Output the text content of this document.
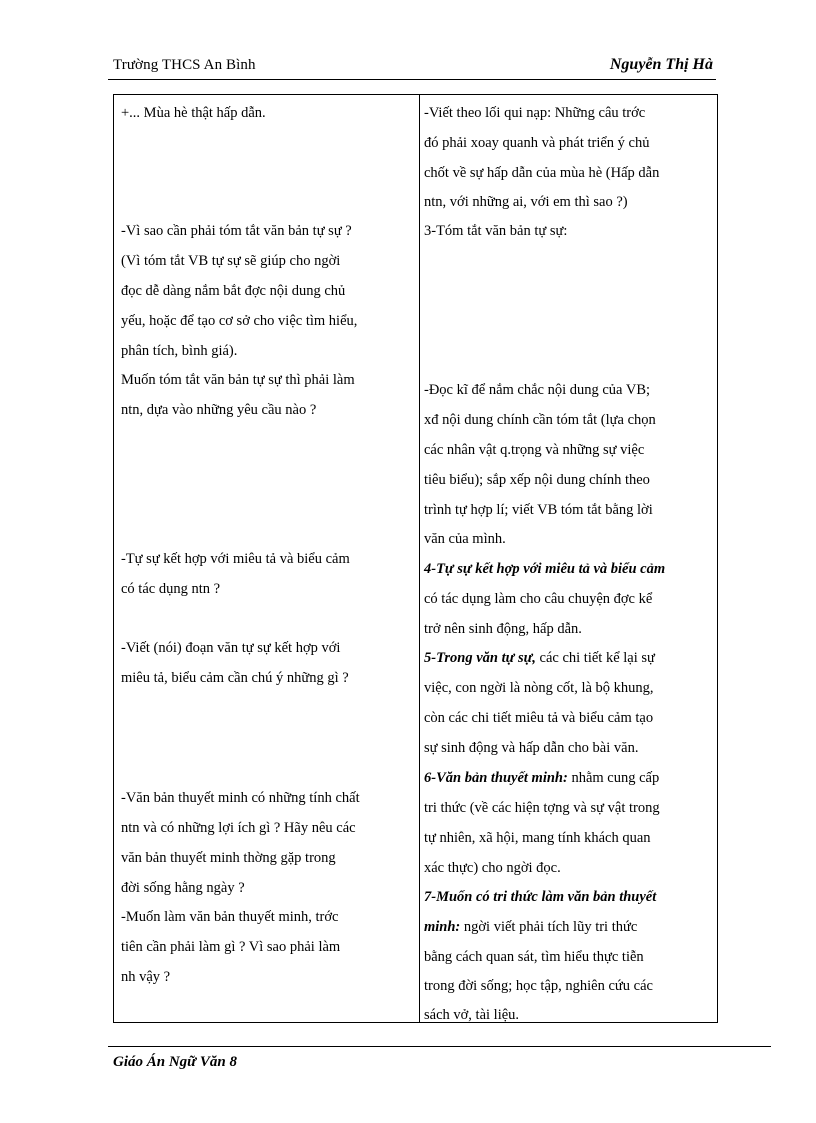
Trường THCS An Bình	Nguyễn Thị Hà
+... Mùa hè thật hấp dẫn.
-Vì sao cần phải tóm tắt văn bản tự sự ?
(Vì tóm tắt VB tự sự sẽ giúp cho ngời
đọc dễ dàng nắm bắt đợc nội dung chủ
yếu, hoặc để tạo cơ sở cho việc tìm hiểu,
phân tích, bình giá).
Muốn tóm tắt văn bản tự sự thì phải làm
ntn, dựa vào những yêu cầu nào ?
-Tự sự kết hợp với miêu tả và biểu cảm
có tác dụng ntn ?
-Viết (nói) đoạn văn tự sự kết hợp với
miêu tả, biểu cảm cần chú ý những gì ?
-Văn bản thuyết minh có những tính chất
ntn và có những lợi ích gì ? Hãy nêu các
văn bản thuyết minh thờng gặp trong
đời sống hằng ngày ?
-Muốn làm văn bản thuyết minh, trớc
tiên cần phải làm gì ? Vì sao phải làm
nh vậy ?
-Viết theo lối qui nạp: Những câu trớc
đó phải xoay quanh và phát triển ý chủ
chốt về sự hấp dẫn của mùa hè (Hấp dẫn
ntn, với những ai, với em thì sao ?)
3-Tóm tắt văn bản tự sự:
-Đọc kĩ để nắm chắc nội dung của VB;
xđ nội dung chính cần tóm tắt (lựa chọn
các nhân vật q.trọng và những sự việc
tiêu biểu); sắp xếp nội dung chính theo
trình tự hợp lí; viết VB tóm tắt bằng lời
văn của mình.
4-Tự sự kết hợp với miêu tả và biểu cảm
có tác dụng làm cho câu chuyện đợc kể
trở nên sinh động, hấp dẫn.
5-Trong văn tự sự, các chi tiết kể lại sự
việc, con ngời là nòng cốt, là bộ khung,
còn các chi tiết miêu tả và biểu cảm tạo
sự sinh động và hấp dẫn cho bài văn.
6-Văn bản thuyết minh: nhằm cung cấp
tri thức (về các hiện tợng và sự vật trong
tự nhiên, xã hội, mang tính khách quan
xác thực) cho ngời đọc.
7-Muốn có tri thức làm văn bản thuyết
minh: ngời viết phải tích lũy tri thức
bằng cách quan sát, tìm hiểu thực tiễn
trong đời sống; học tập, nghiên cứu các
sách vở, tài liệu.
Giáo Án Ngữ Văn 8
